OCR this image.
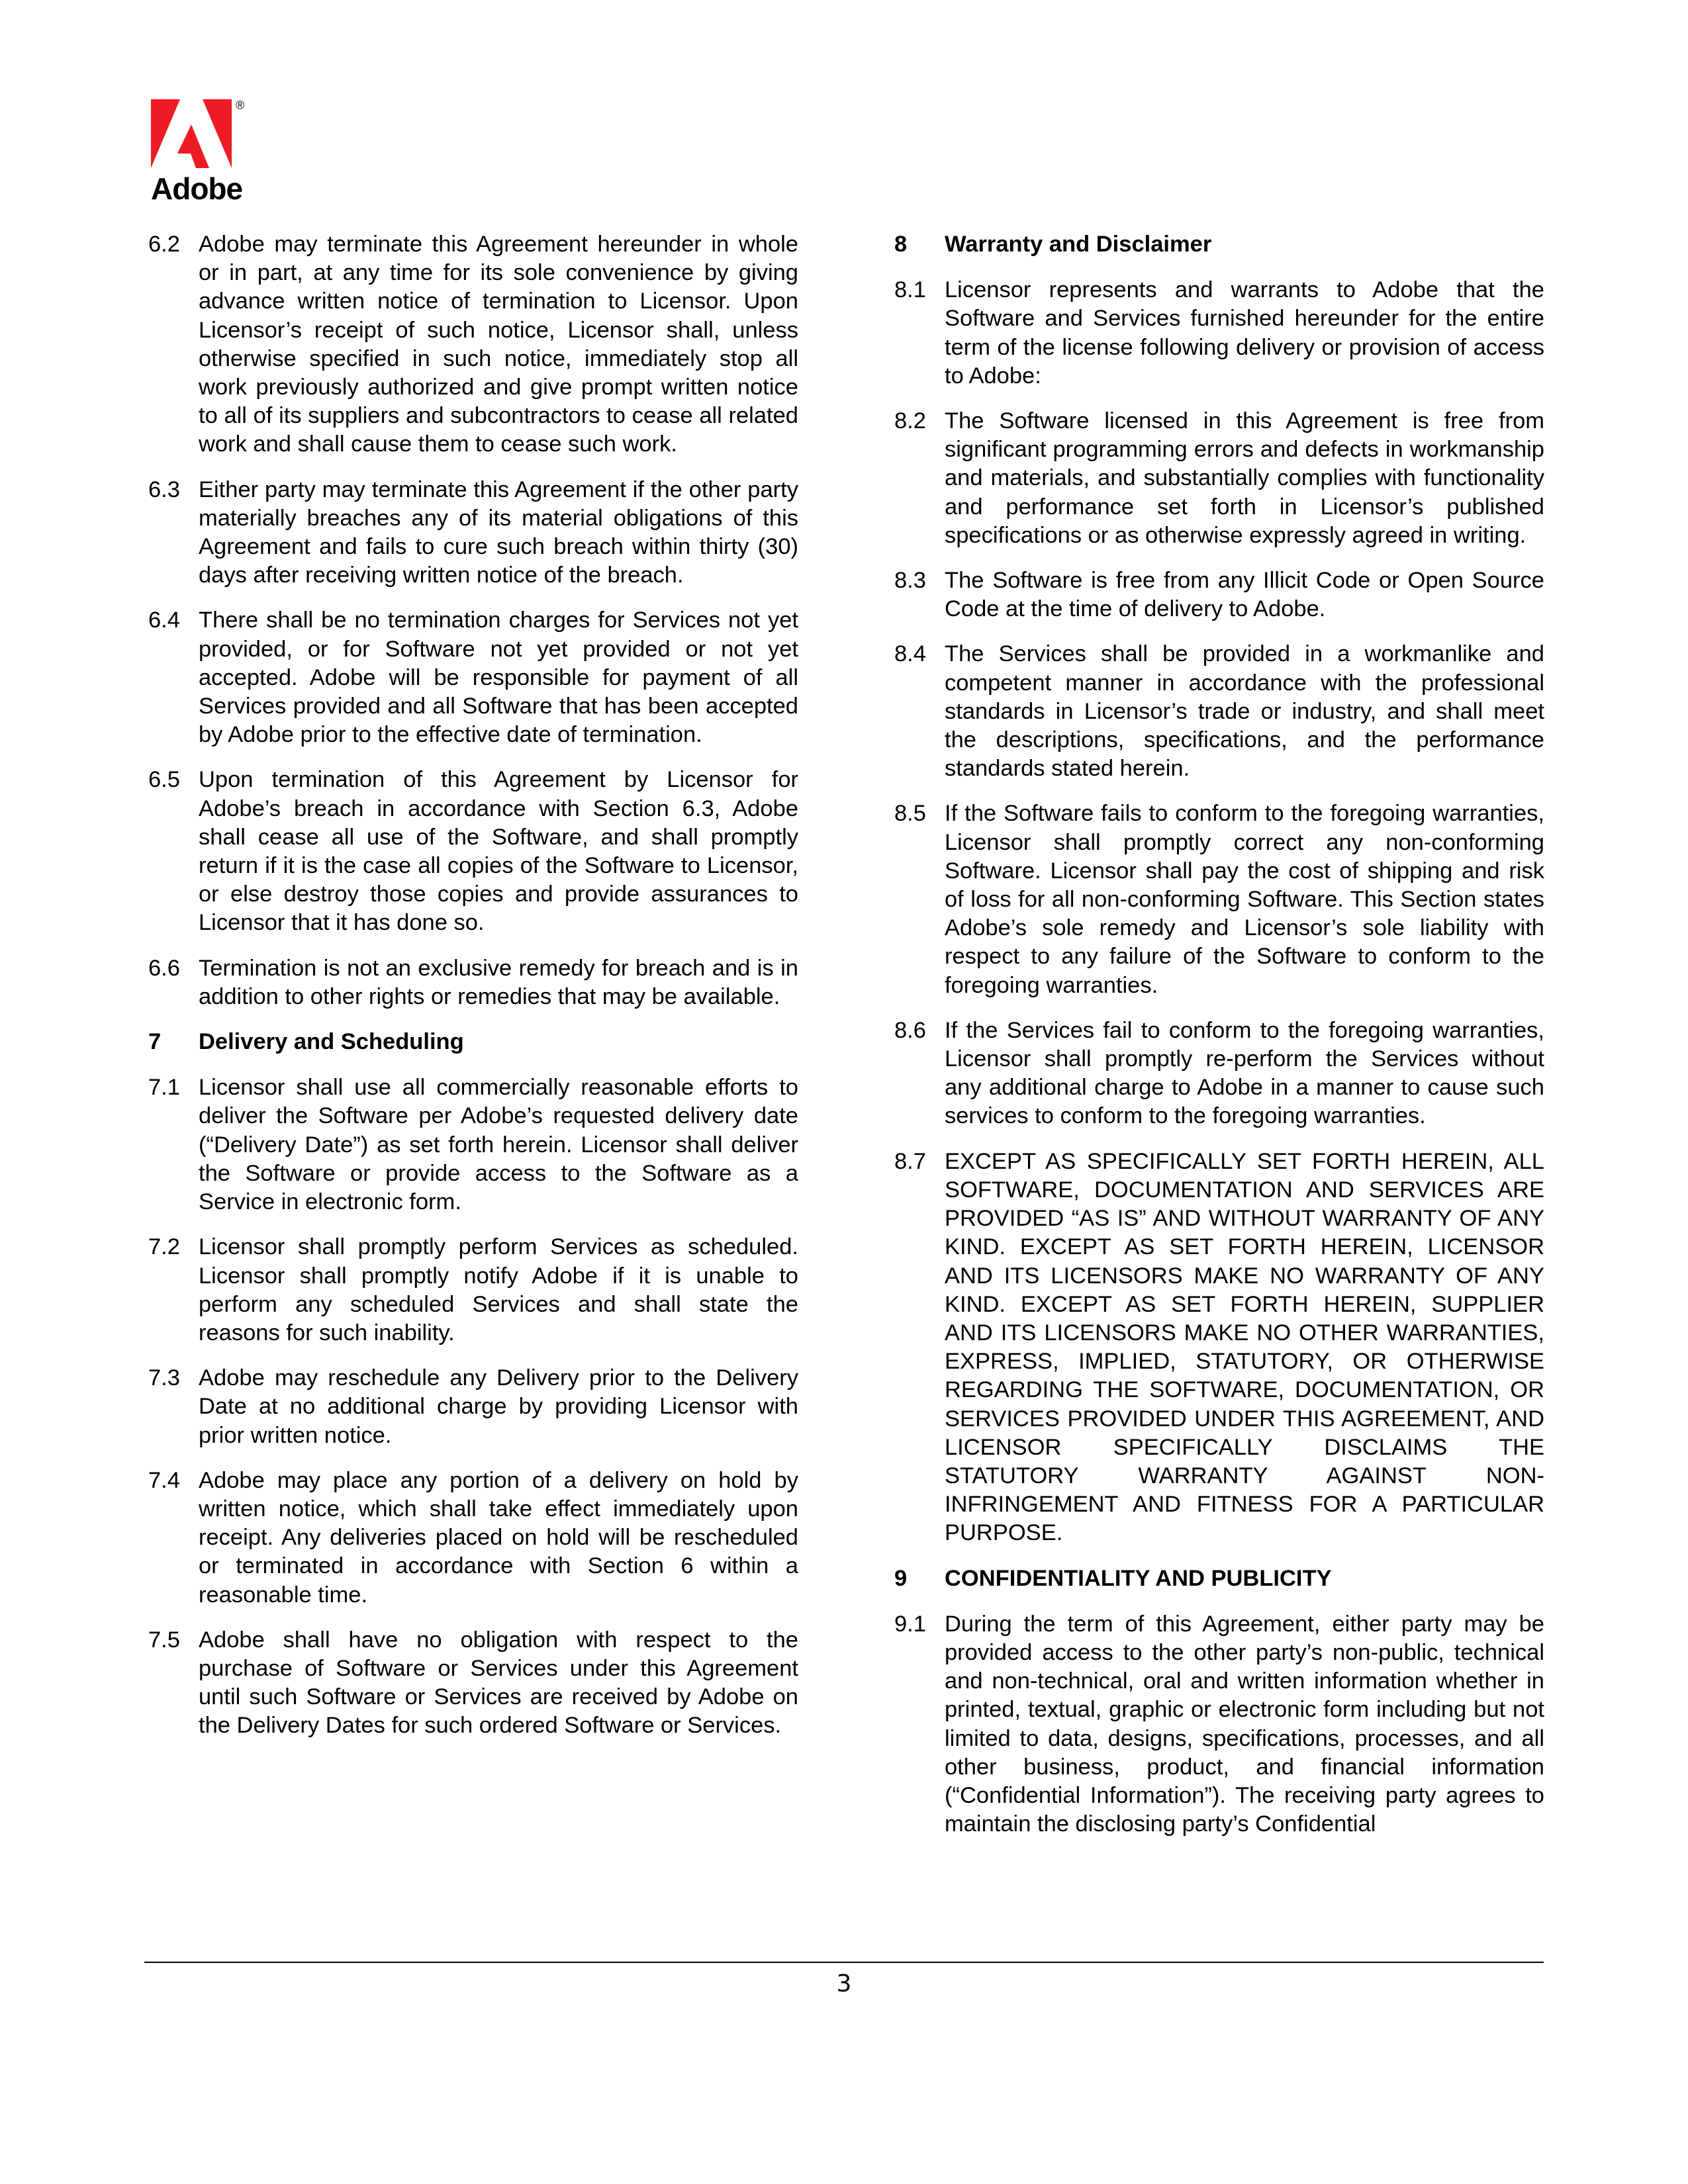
®
Adobe
6.2 Adobe may terminate this Agreement hereunder in whole or in part, at any time for its sole convenience by giving advance written notice of termination to Licensor. Upon Licensor’s receipt of such notice, Licensor shall, unless otherwise specified in such notice, immediately stop all work previously authorized and give prompt written notice to all of its suppliers and subcontractors to cease all related work and shall cause them to cease such work.
6.3 Either party may terminate this Agreement if the other party materially breaches any of its material obligations of this Agreement and fails to cure such breach within thirty (30) days after receiving written notice of the breach.
6.4 There shall be no termination charges for Services not yet provided, or for Software not yet provided or not yet accepted. Adobe will be responsible for payment of all Services provided and all Software that has been accepted by Adobe prior to the effective date of termination.
6.5 Upon termination of this Agreement by Licensor for Adobe’s breach in accordance with Section 6.3, Adobe shall cease all use of the Software, and shall promptly return if it is the case all copies of the Software to Licensor, or else destroy those copies and provide assurances to Licensor that it has done so.
6.6 Termination is not an exclusive remedy for breach and is in addition to other rights or remedies that may be available.
7 Delivery and Scheduling
7.1 Licensor shall use all commercially reasonable efforts to deliver the Software per Adobe’s requested delivery date (“Delivery Date”) as set forth herein. Licensor shall deliver the Software or provide access to the Software as a Service in electronic form.
7.2 Licensor shall promptly perform Services as scheduled. Licensor shall promptly notify Adobe if it is unable to perform any scheduled Services and shall state the reasons for such inability.
7.3 Adobe may reschedule any Delivery prior to the Delivery Date at no additional charge by providing Licensor with prior written notice.
7.4 Adobe may place any portion of a delivery on hold by written notice, which shall take effect immediately upon receipt. Any deliveries placed on hold will be rescheduled or terminated in accordance with Section 6 within a reasonable time.
7.5 Adobe shall have no obligation with respect to the purchase of Software or Services under this Agreement until such Software or Services are received by Adobe on the Delivery Dates for such ordered Software or Services.
8 Warranty and Disclaimer
8.1 Licensor represents and warrants to Adobe that the Software and Services furnished hereunder for the entire term of the license following delivery or provision of access to Adobe:
8.2 The Software licensed in this Agreement is free from significant programming errors and defects in workmanship and materials, and substantially complies with functionality and performance set forth in Licensor’s published specifications or as otherwise expressly agreed in writing.
8.3 The Software is free from any Illicit Code or Open Source Code at the time of delivery to Adobe.
8.4 The Services shall be provided in a workmanlike and competent manner in accordance with the professional standards in Licensor’s trade or industry, and shall meet the descriptions, specifications, and the performance standards stated herein.
8.5 If the Software fails to conform to the foregoing warranties, Licensor shall promptly correct any non-conforming Software. Licensor shall pay the cost of shipping and risk of loss for all non-conforming Software. This Section states Adobe’s sole remedy and Licensor’s sole liability with respect to any failure of the Software to conform to the foregoing warranties.
8.6 If the Services fail to conform to the foregoing warranties, Licensor shall promptly re-perform the Services without any additional charge to Adobe in a manner to cause such services to conform to the foregoing warranties.
8.7 EXCEPT AS SPECIFICALLY SET FORTH HEREIN, ALL SOFTWARE, DOCUMENTATION AND SERVICES ARE PROVIDED “AS IS” AND WITHOUT WARRANTY OF ANY KIND. EXCEPT AS SET FORTH HEREIN, LICENSOR AND ITS LICENSORS MAKE NO WARRANTY OF ANY KIND. EXCEPT AS SET FORTH HEREIN, SUPPLIER AND ITS LICENSORS MAKE NO OTHER WARRANTIES, EXPRESS, IMPLIED, STATUTORY, OR OTHERWISE REGARDING THE SOFTWARE, DOCUMENTATION, OR SERVICES PROVIDED UNDER THIS AGREEMENT, AND LICENSOR SPECIFICALLY DISCLAIMS THE STATUTORY WARRANTY AGAINST NON-INFRINGEMENT AND FITNESS FOR A PARTICULAR PURPOSE.
9 CONFIDENTIALITY AND PUBLICITY
9.1 During the term of this Agreement, either party may be provided access to the other party’s non-public, technical and non-technical, oral and written information whether in printed, textual, graphic or electronic form including but not limited to data, designs, specifications, processes, and all other business, product, and financial information (“Confidential Information”). The receiving party agrees to maintain the disclosing party’s Confidential
3
